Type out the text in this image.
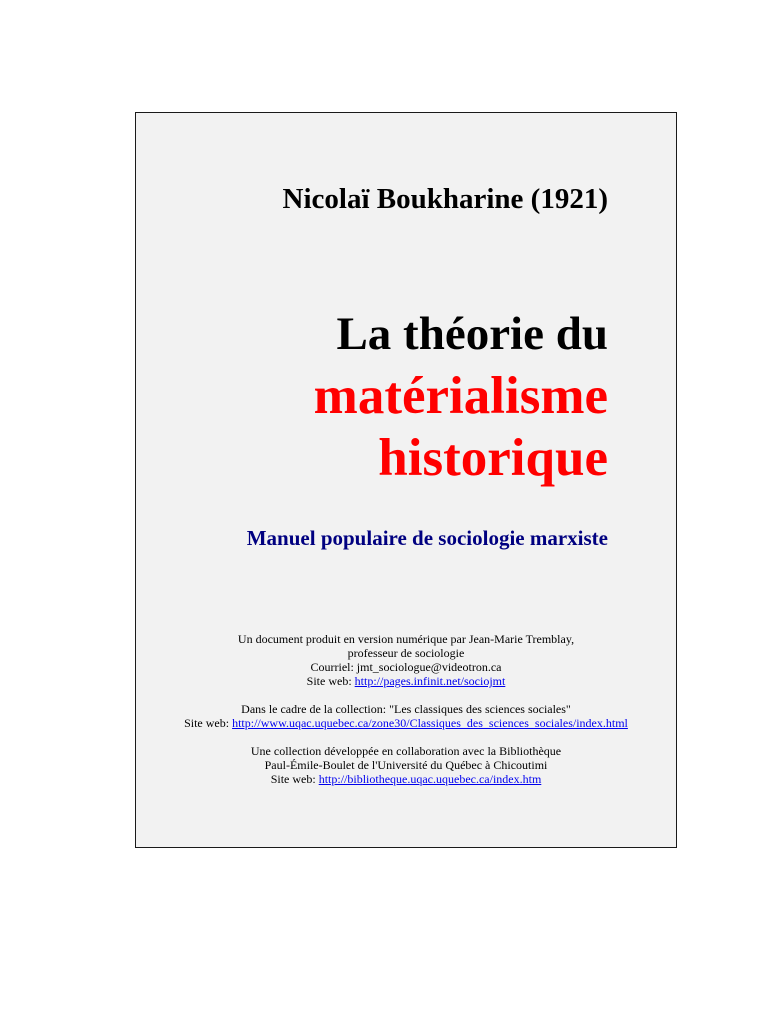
Nicolaï Boukharine (1921)
La théorie du
matérialisme
historique
Manuel populaire de sociologie marxiste

Un document produit en version numérique par Jean-Marie Tremblay,

professeur de sociologie

Courriel: jmt_sociologue@videotron.ca

Site web: http://pages.infinit.net/sociojmt

Dans le cadre de la collection: "Les classiques des sciences sociales"

Site web: http://www.uqac.uquebec.ca/zone30/Classiques_des_sciences_sociales/index.html

Une collection développée en collaboration avec la Bibliothèque

Paul-Émile-Boulet de l'Université du Québec à Chicoutimi

Site web: http://bibliotheque.uqac.uquebec.ca/index.htm
